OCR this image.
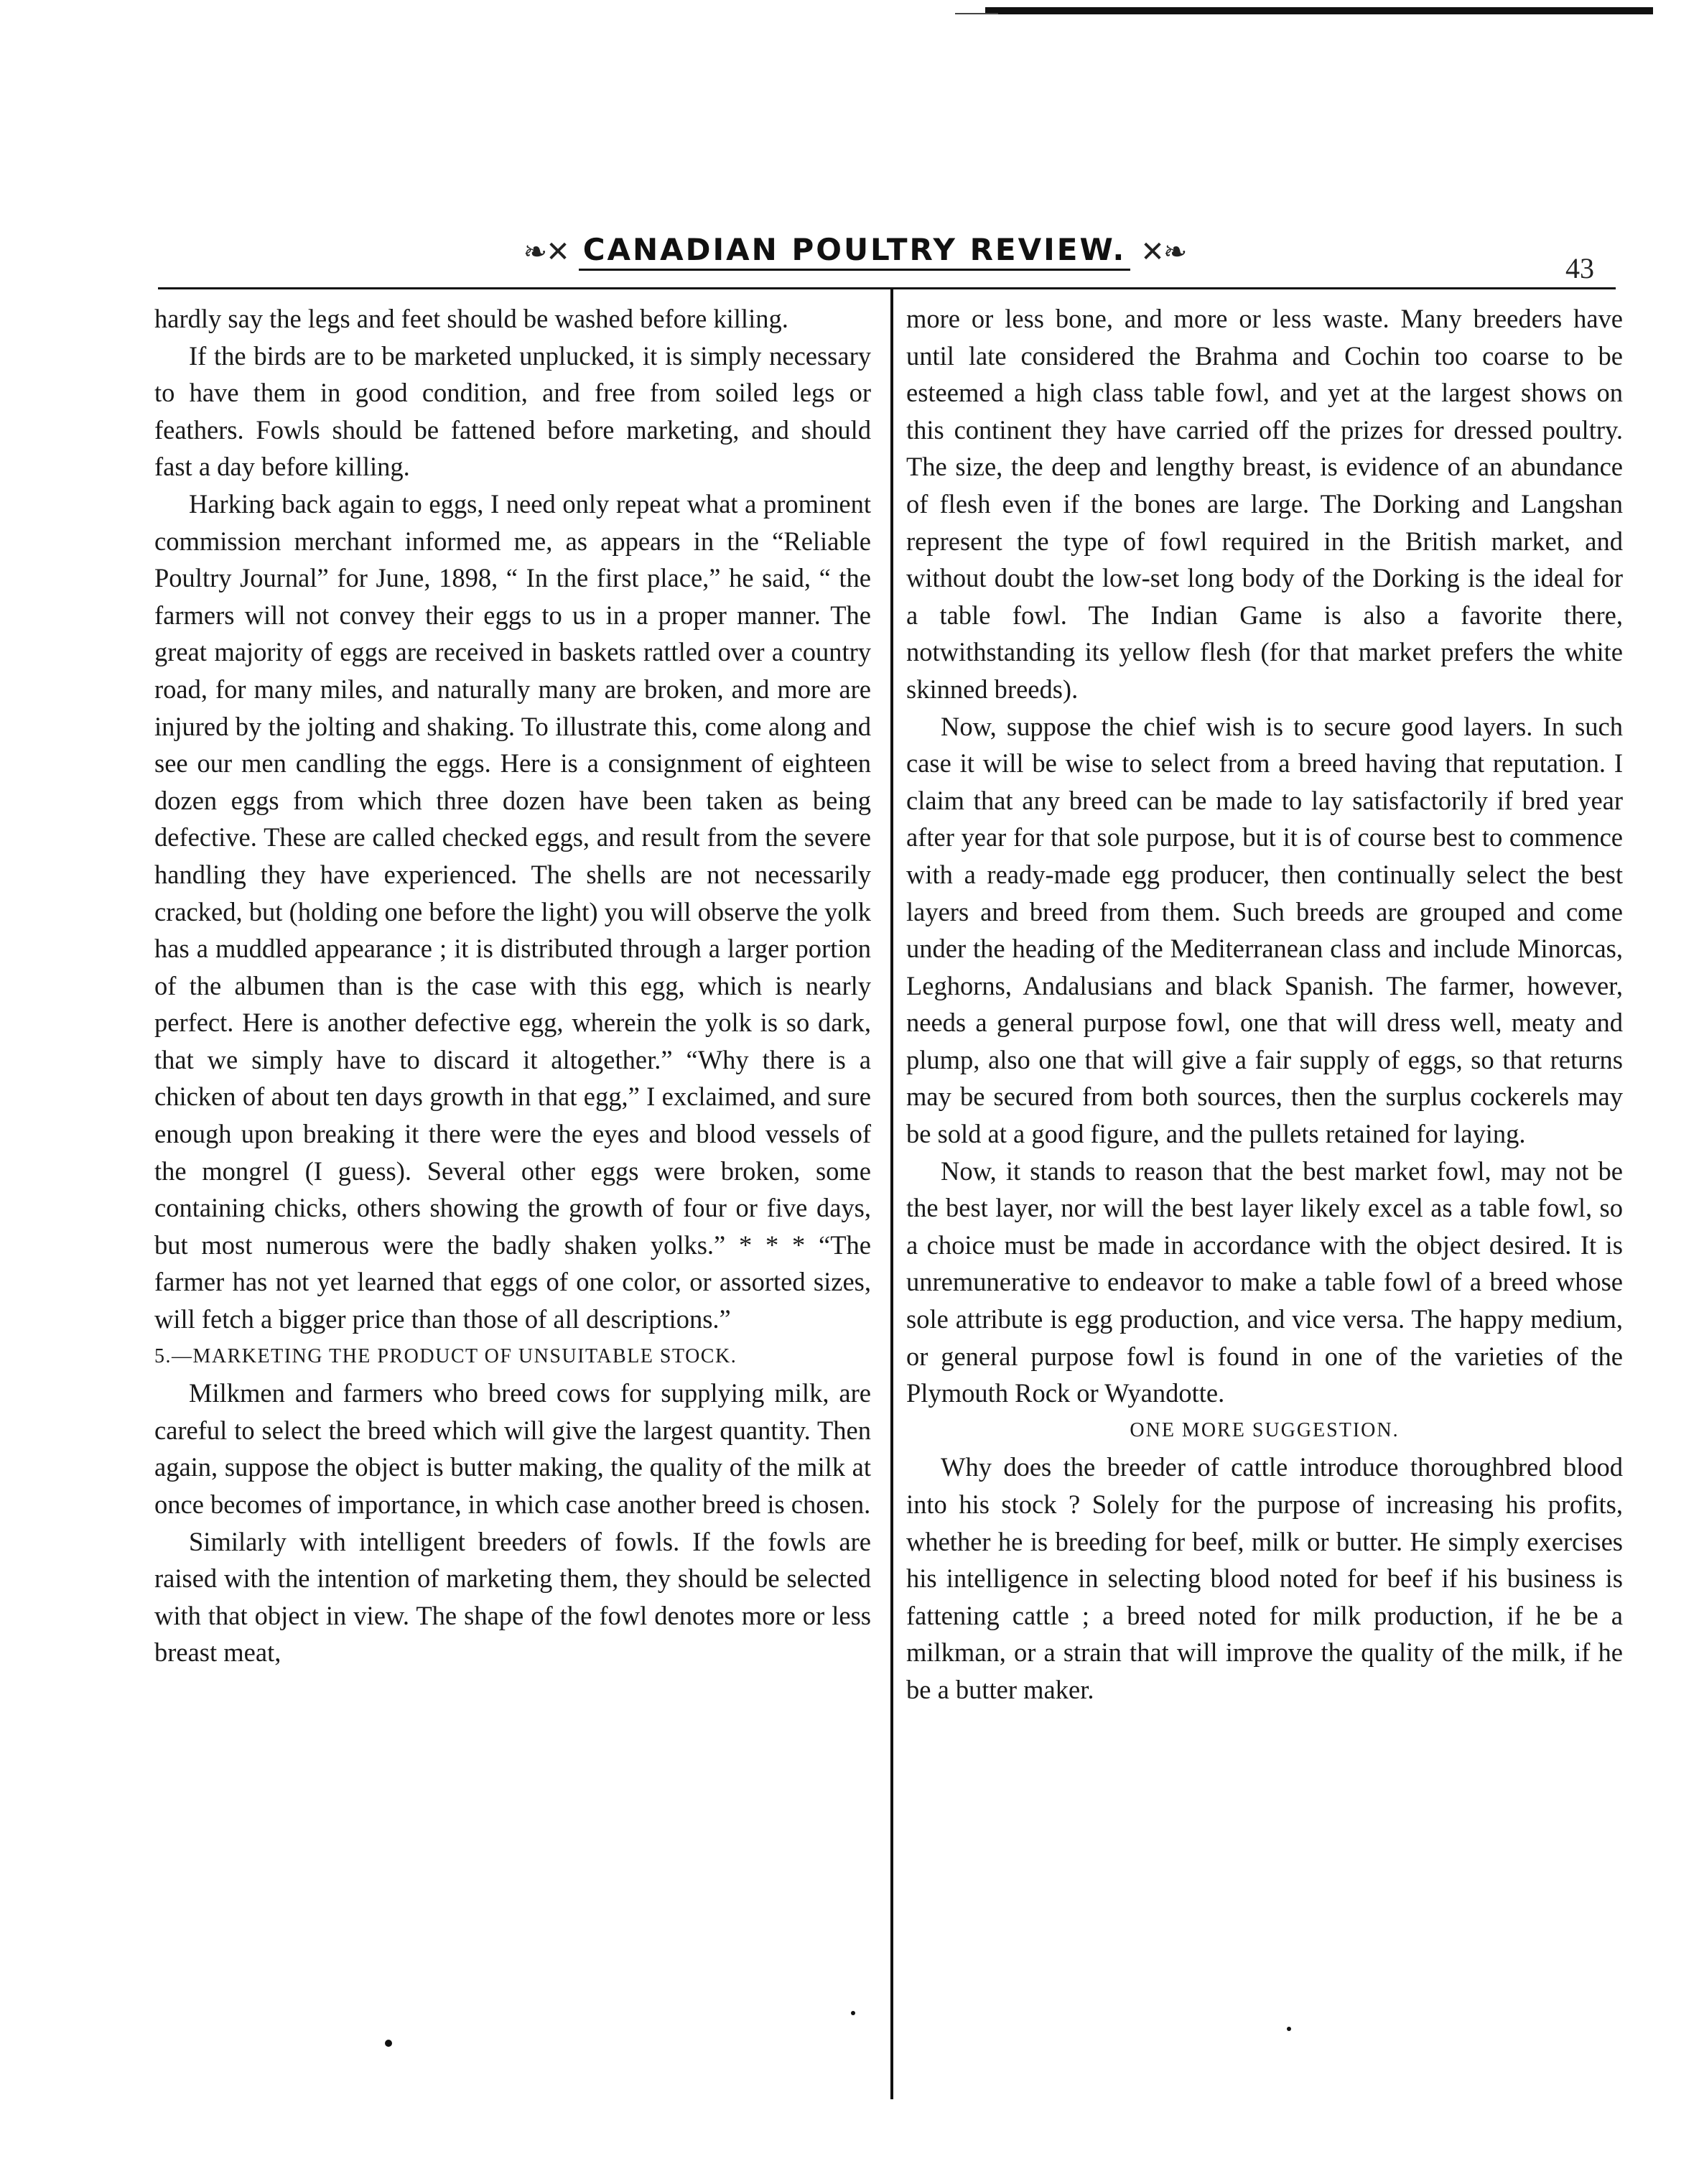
❧✕ CANADIAN POULTRY REVIEW. ✕❧
43

hardly say the legs and feet should be washed before killing.

If the birds are to be marketed unplucked, it is simply necessary to have them in good condition, and free from soiled legs or feathers. Fowls should be fattened before marketing, and should fast a day before killing.

Harking back again to eggs, I need only repeat what a prominent commission merchant informed me, as appears in the “Reliable Poultry Journal” for June, 1898, “ In the first place,” he said, “ the farmers will not convey their eggs to us in a proper manner. The great majority of eggs are received in baskets rattled over a country road, for many miles, and naturally many are broken, and more are injured by the jolting and shaking. To illustrate this, come along and see our men candling the eggs. Here is a consignment of eighteen dozen eggs from which three dozen have been taken as being defective. These are called checked eggs, and result from the severe handling they have experienced. The shells are not necessarily cracked, but (holding one before the light) you will observe the yolk has a muddled appearance ; it is distributed through a larger portion of the albumen than is the case with this egg, which is nearly perfect. Here is another defective egg, wherein the yolk is so dark, that we simply have to discard it altogether.” “Why there is a chicken of about ten days growth in that egg,” I exclaimed, and sure enough upon breaking it there were the eyes and blood vessels of the mongrel (I guess). Several other eggs were broken, some containing chicks, others showing the growth of four or five days, but most numerous were the badly shaken yolks.” * * * “The farmer has not yet learned that eggs of one color, or assorted sizes, will fetch a bigger price than those of all descriptions.”

5.—MARKETING THE PRODUCT OF UNSUITABLE STOCK.

Milkmen and farmers who breed cows for supplying milk, are careful to select the breed which will give the largest quantity. Then again, suppose the object is butter making, the quality of the milk at once becomes of importance, in which case another breed is chosen.

Similarly with intelligent breeders of fowls. If the fowls are raised with the intention of marketing them, they should be selected with that object in view. The shape of the fowl denotes more or less breast meat,

more or less bone, and more or less waste. Many breeders have until late considered the Brahma and Cochin too coarse to be esteemed a high class table fowl, and yet at the largest shows on this continent they have carried off the prizes for dressed poultry. The size, the deep and lengthy breast, is evidence of an abundance of flesh even if the bones are large. The Dorking and Langshan represent the type of fowl required in the British market, and without doubt the low-set long body of the Dorking is the ideal for a table fowl. The Indian Game is also a favorite there, notwithstanding its yellow flesh (for that market prefers the white skinned breeds).

Now, suppose the chief wish is to secure good layers. In such case it will be wise to select from a breed having that reputation. I claim that any breed can be made to lay satisfactorily if bred year after year for that sole purpose, but it is of course best to commence with a ready-made egg producer, then continually select the best layers and breed from them. Such breeds are grouped and come under the heading of the Mediterranean class and include Minorcas, Leghorns, Andalusians and black Spanish. The farmer, however, needs a general purpose fowl, one that will dress well, meaty and plump, also one that will give a fair supply of eggs, so that returns may be secured from both sources, then the surplus cockerels may be sold at a good figure, and the pullets retained for laying.

Now, it stands to reason that the best market fowl, may not be the best layer, nor will the best layer likely excel as a table fowl, so a choice must be made in accordance with the object desired. It is unremunerative to endeavor to make a table fowl of a breed whose sole attribute is egg production, and vice versa. The happy medium, or general purpose fowl is found in one of the varieties of the Plymouth Rock or Wyandotte.

ONE MORE SUGGESTION.

Why does the breeder of cattle introduce thoroughbred blood into his stock ? Solely for the purpose of increasing his profits, whether he is breeding for beef, milk or butter. He simply exercises his intelligence in selecting blood noted for beef if his business is fattening cattle ; a breed noted for milk production, if he be a milkman, or a strain that will improve the quality of the milk, if he be a butter maker.
